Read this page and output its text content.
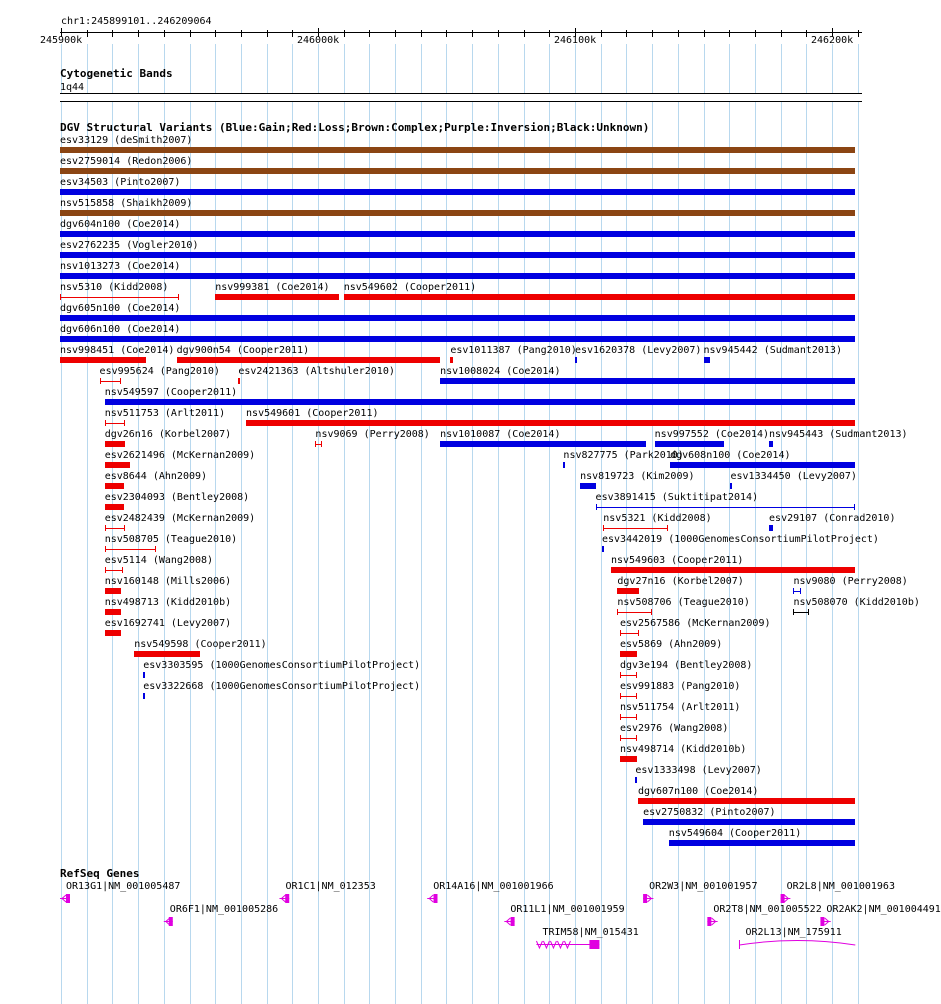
chr1:245899101..246209064
Cytogenetic Bands
1q44
DGV Structural Variants (Blue:Gain;Red:Loss;Brown:Complex;Purple:Inversion;Black:Unknown)
esv33129 (deSmith2007)
esv2759014 (Redon2006)
esv34503 (Pinto2007)
nsv515858 (Shaikh2009)
dgv604n100 (Coe2014)
esv2762235 (Vogler2010)
nsv1013273 (Coe2014)
nsv5310 (Kidd2008)	nsv999381 (Coe2014) nsv549602 (Cooper2011)
dgv605n100 (Coe2014)
dgv606n100 (Coe2014)
nsv998451 (Coe2014) dgv900n54 (Cooper2011)	esv1011387 (Pang2010)
esv1620378 (Levy2007) nsv945442 (Sudmant2013)
esv995624 (Pang2010) esv2421363 (Altshuler2010)	nsv1008024 (Coe2014)
nsv549597 (Cooper2011)
nsv511753 (Arlt2011) nsv549601 (Cooper2011)
dgv26n16 (Korbel2007)	nsv9069 (Perry2008) nsv1010087 (Coe2014)	nsv997552 (Coe2014) nsv945443 (Sudmant2013)
esv2621496 (McKernan2009)	nsv827775 (Park2010)
dgv608n100 (Coe2014)
esv8644 (Ahn2009)	nsv819723 (Kim2009)	esv1334450 (Levy2007)
esv2304093 (Bentley2008)	esv3891415 (Suktitipat2014)
esv2482439 (McKernan2009)	nsv5321 (Kidd2008)	esv29107 (Conrad2010)
nsv508705 (Teague2010)	esv3442019 (1000GenomesConsortiumPilotProject)
esv5114 (Wang2008)	nsv549603 (Cooper2011)
nsv160148 (Mills2006)	dgv27n16 (Korbel2007)	nsv9080 (Perry2008)
nsv498713 (Kidd2010b)	nsv508706 (Teague2010)	nsv508070 (Kidd2010b)
esv1692741 (Levy2007)	esv2567586 (McKernan2009)
nsv549598 (Cooper2011)	esv5869 (Ahn2009)
esv3303595 (1000GenomesConsortiumPilotProject)	dgv3e194 (Bentley2008)
esv3322668 (1000GenomesConsortiumPilotProject)	esv991883 (Pang2010)
nsv511754 (Arlt2011)
esv2976 (Wang2008)
nsv498714 (Kidd2010b)
esv1333498 (Levy2007)
dgv607n100 (Coe2014)
esv2750832 (Pinto2007)
nsv549604 (Cooper2011)
RefSeq Genes
OR13G1|NM_001005487	OR1C1|NM_012353	OR14A16|NM_001001966	OR2W3|NM_001001957	OR2L8|NM_001001963
OR6F1|NM_001005286	OR11L1|NM_001001959	OR2T8|NM_001005522 OR2AK2|NM_001004491
TRIM58|NM_015431	OR2L13|NM_175911
245900k	246000k	246100k	246200k
